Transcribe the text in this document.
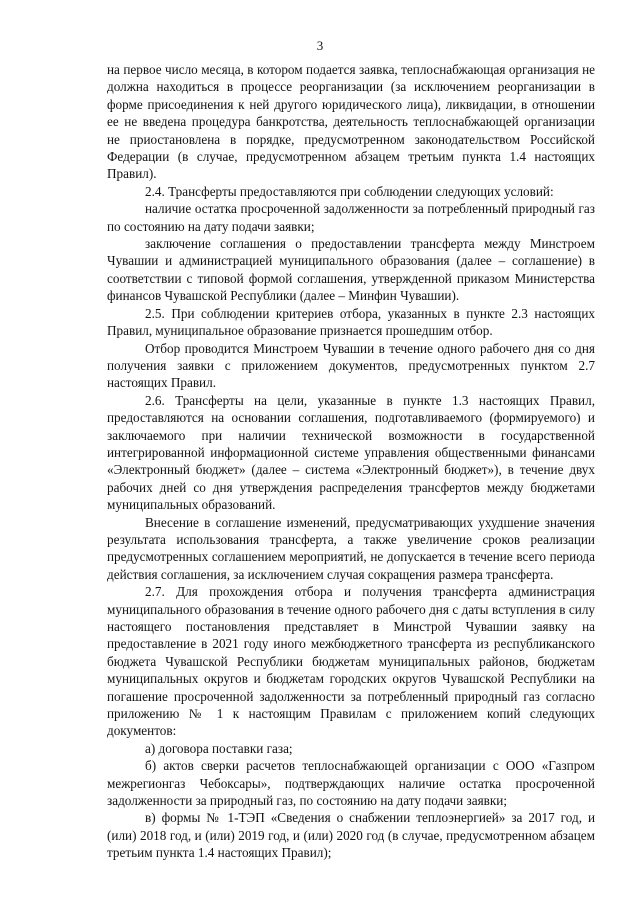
3

на первое число месяца, в котором подается заявка, теплоснабжающая организация не должна находиться в процессе реорганизации (за исключением реорганизации в форме присоединения к ней другого юридического лица), ликвидации, в отношении ее не введена процедура банкротства, деятельность теплоснабжающей организации не приостановлена в порядке, предусмотренном законодательством Российской Федерации (в случае, предусмотренном абзацем третьим пункта 1.4 настоящих Правил).

2.4. Трансферты предоставляются при соблюдении следующих условий:

наличие остатка просроченной задолженности за потребленный природный газ по состоянию на дату подачи заявки;

заключение соглашения о предоставлении трансферта между Минстроем Чувашии и администрацией муниципального образования (далее – соглашение) в соответствии с типовой формой соглашения, утвержденной приказом Министерства финансов Чувашской Республики (далее – Минфин Чувашии).

2.5. При соблюдении критериев отбора, указанных в пункте 2.3 настоящих Правил, муниципальное образование признается прошедшим отбор.

Отбор проводится Минстроем Чувашии в течение одного рабочего дня со дня получения заявки с приложением документов, предусмотренных пунктом 2.7 настоящих Правил.

2.6. Трансферты на цели, указанные в пункте 1.3 настоящих Правил, предоставляются на основании соглашения, подготавливаемого (формируемого) и заключаемого при наличии технической возможности в государственной интегрированной информационной системе управления общественными финансами «Электронный бюджет» (далее – система «Электронный бюджет»), в течение двух рабочих дней со дня утверждения распределения трансфертов между бюджетами муниципальных образований.

Внесение в соглашение изменений, предусматривающих ухудшение значения результата использования трансферта, а также увеличение сроков реализации предусмотренных соглашением мероприятий, не допускается в течение всего периода действия соглашения, за исключением случая сокращения размера трансферта.

2.7. Для прохождения отбора и получения трансферта администрация муниципального образования в течение одного рабочего дня с даты вступления в силу настоящего постановления представляет в Минстрой Чувашии заявку на предоставление в 2021 году иного межбюджетного трансферта из республиканского бюджета Чувашской Республики бюджетам муниципальных районов, бюджетам муниципальных округов и бюджетам городских округов Чувашской Республики на погашение просроченной задолженности за потребленный природный газ согласно приложению № 1 к настоящим Правилам с приложением копий следующих документов:

а) договора поставки газа;

б) актов сверки расчетов теплоснабжающей организации с ООО «Газпром межрегионгаз Чебоксары», подтверждающих наличие остатка просроченной задолженности за природный газ, по состоянию на дату подачи заявки;

в) формы № 1-ТЭП «Сведения о снабжении теплоэнергией» за 2017 год, и (или) 2018 год, и (или) 2019 год, и (или) 2020 год (в случае, предусмотренном абзацем третьим пункта 1.4 настоящих Правил);
